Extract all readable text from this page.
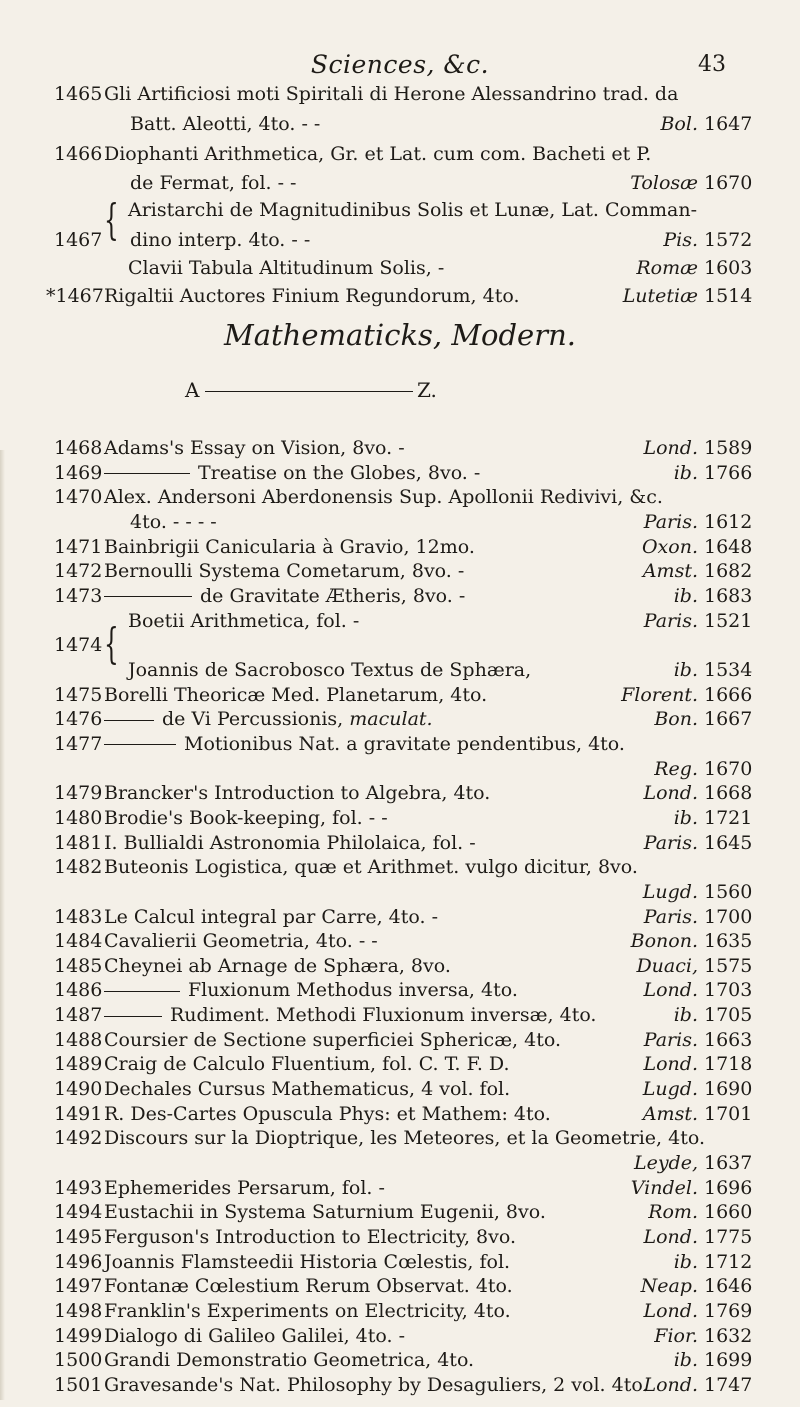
Sciences, &c.	43
1465 Gli Artificiosi moti Spiritali di Herone Alessandrino trad. da
Batt. Aleotti, 4to. - -	Bol. 1647
1466 Diophanti Arithmetica, Gr. et Lat. cum com. Bacheti et P.
de Fermat, fol. - -	Tolosæ 1670
Aristarchi de Magnitudinibus Solis et Lunæ, Lat. Comman-
1467 { dino interp. 4to. - -	Pis. 1572
Clavii Tabula Altitudinum Solis, -	Romæ 1603
*1467 Rigaltii Auctores Finium Regundorum, 4to.	Lutetiæ 1514
Mathematicks, Modern.
A	Z.
1468 Adams's Essay on Vision, 8vo. -	Lond. 1589
1469	Treatise on the Globes, 8vo. -	ib. 1766
1470 Alex. Andersoni Aberdonensis Sup. Apollonii Redivivi, &c.
4to. - - - -	Paris. 1612
1471 Bainbrigii Canicularia à Gravio, 12mo.	Oxon. 1648
1472 Bernoulli Systema Cometarum, 8vo. -	Amst. 1682
1473	de Gravitate Ætheris, 8vo. -	ib. 1683
Boetii Arithmetica, fol. -	Paris. 1521
1474 {
Joannis de Sacrobosco Textus de Sphæra,	ib. 1534
1475 Borelli Theoricæ Med. Planetarum, 4to.	Florent. 1666
1476	de Vi Percussionis, maculat.	Bon. 1667
1477	Motionibus Nat. a gravitate pendentibus, 4to.
Reg. 1670
1479 Brancker's Introduction to Algebra, 4to.	Lond. 1668
1480 Brodie's Book-keeping, fol. - -	ib. 1721
1481 I. Bullialdi Astronomia Philolaica, fol. -	Paris. 1645
1482 Buteonis Logistica, quæ et Arithmet. vulgo dicitur, 8vo.
Lugd. 1560
1483 Le Calcul integral par Carre, 4to. -	Paris. 1700
1484 Cavalierii Geometria, 4to. - -	Bonon. 1635
1485 Cheynei ab Arnage de Sphæra, 8vo.	Duaci, 1575
1486	Fluxionum Methodus inversa, 4to.	Lond. 1703
1487	Rudiment. Methodi Fluxionum inversæ, 4to.	ib. 1705
1488 Coursier de Sectione superficiei Sphericæ, 4to.	Paris. 1663
1489 Craig de Calculo Fluentium, fol. C. T. F. D.	Lond. 1718
1490 Dechales Cursus Mathematicus, 4 vol. fol.	Lugd. 1690
1491 R. Des-Cartes Opuscula Phys: et Mathem: 4to.	Amst. 1701
1492 Discours sur la Dioptrique, les Meteores, et la Geometrie, 4to.
Leyde, 1637
1493 Ephemerides Persarum, fol. -	Vindel. 1696
1494 Eustachii in Systema Saturnium Eugenii, 8vo.	Rom. 1660
1495 Ferguson's Introduction to Electricity, 8vo.	Lond. 1775
1496 Joannis Flamsteedii Historia Cœlestis, fol.	ib. 1712
1497 Fontanæ Cœlestium Rerum Observat. 4to.	Neap. 1646
1498 Franklin's Experiments on Electricity, 4to.	Lond. 1769
1499 Dialogo di Galileo Galilei, 4to. -	Fior. 1632
1500 Grandi Demonstratio Geometrica, 4to.	ib. 1699
1501 Gravesande's Nat. Philosophy by Desaguliers, 2 vol. 4to.
Lond. 1747
